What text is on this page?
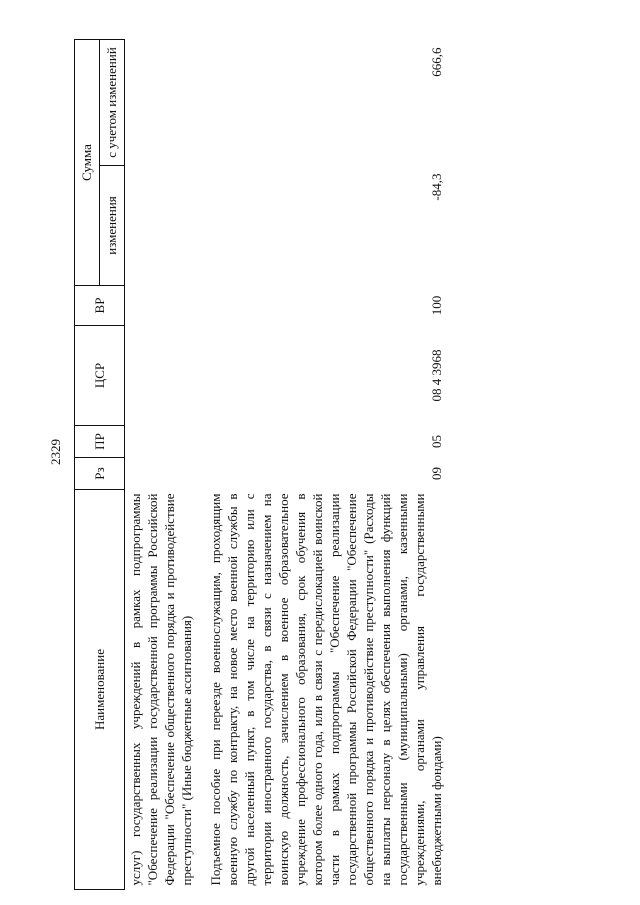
2329
Наименование	Рз	ПР	ЦСР	ВР	Сумма	
					изменения	с учетом изменений
услуг) государственных учреждений в рамках подпрограммы "Обеспечение реализации государственной программы Российской Федерации "Обеспечение общественного порядка и противодействие преступности" (Иные бюджетные ассигнования)						
Подъемное пособие при переезде военнослужащим, проходящим военную службу по контракту, на новое место военной службы в другой населенный пункт, в том числе на территорию или с территории иностранного государства, в связи с назначением на воинскую должность, зачислением в военное образовательное учреждение профессионального образования, срок обучения в котором более одного года, или в связи с передислокацией воинской части в рамках подпрограммы "Обеспечение реализации государственной программы Российской Федерации "Обеспечение общественного порядка и противодействие преступности" (Расходы на выплаты персоналу в целях обеспечения выполнения функций государственными (муниципальными) органами, казенными учреждениями, органами управления государственными внебюджетными фондами)	09	05	08 4 3968	100	-84,3	666,6
